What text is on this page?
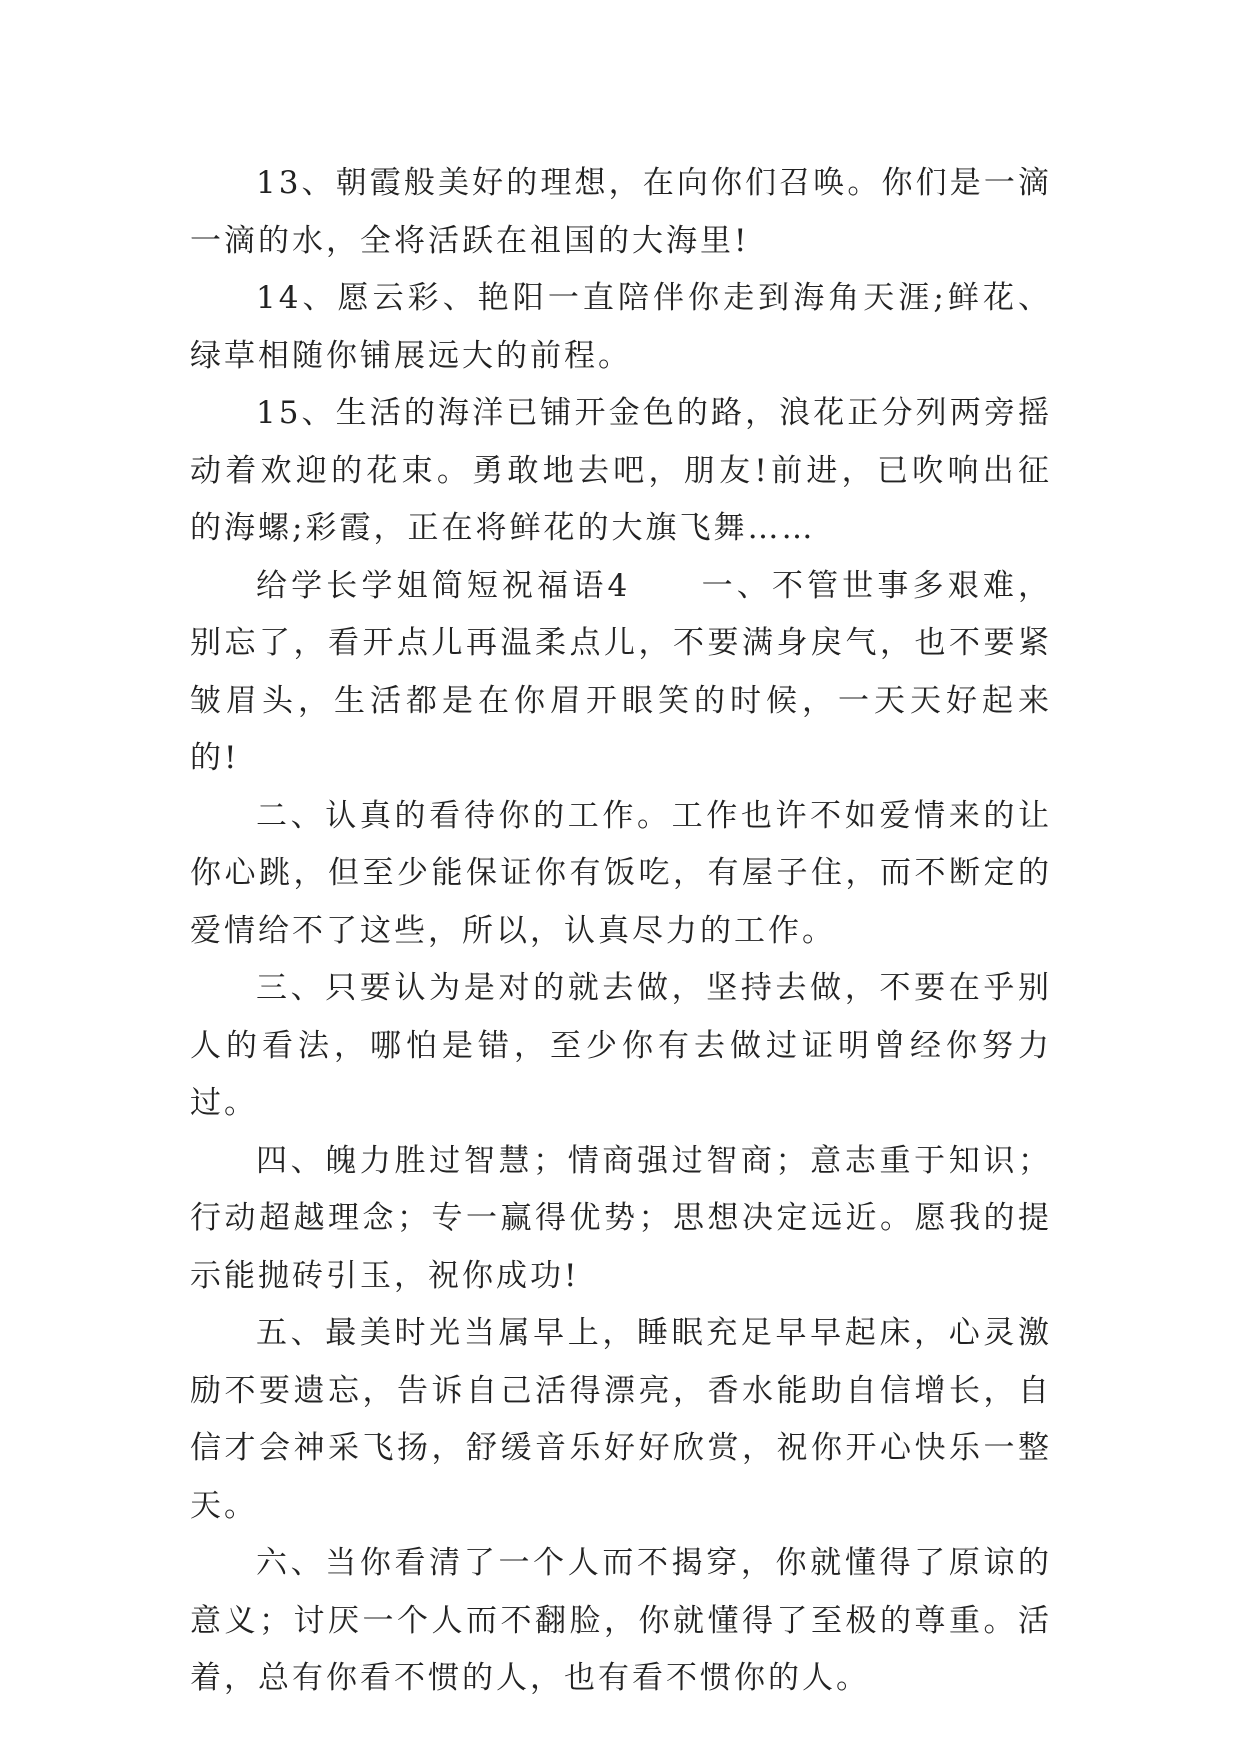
13、朝霞般美好的理想，在向你们召唤。你们是一滴一滴的水，全将活跃在祖国的大海里!

14、愿云彩、艳阳一直陪伴你走到海角天涯;鲜花、绿草相随你铺展远大的前程。

15、生活的海洋已铺开金色的路，浪花正分列两旁摇动着欢迎的花束。勇敢地去吧，朋友!前进，已吹响出征的海螺;彩霞，正在将鲜花的大旗飞舞……

给学长学姐简短祝福语4　　一、不管世事多艰难，别忘了，看开点儿再温柔点儿，不要满身戾气，也不要紧皱眉头，生活都是在你眉开眼笑的时候，一天天好起来的!

二、认真的看待你的工作。工作也许不如爱情来的让你心跳，但至少能保证你有饭吃，有屋子住，而不断定的爱情给不了这些，所以，认真尽力的工作。

三、只要认为是对的就去做，坚持去做，不要在乎别人的看法，哪怕是错，至少你有去做过证明曾经你努力过。

四、魄力胜过智慧；情商强过智商；意志重于知识；行动超越理念；专一赢得优势；思想决定远近。愿我的提示能抛砖引玉，祝你成功!

五、最美时光当属早上，睡眠充足早早起床，心灵激励不要遗忘，告诉自己活得漂亮，香水能助自信增长，自信才会神采飞扬，舒缓音乐好好欣赏，祝你开心快乐一整天。

六、当你看清了一个人而不揭穿，你就懂得了原谅的意义；讨厌一个人而不翻脸，你就懂得了至极的尊重。活着，总有你看不惯的人，也有看不惯你的人。
